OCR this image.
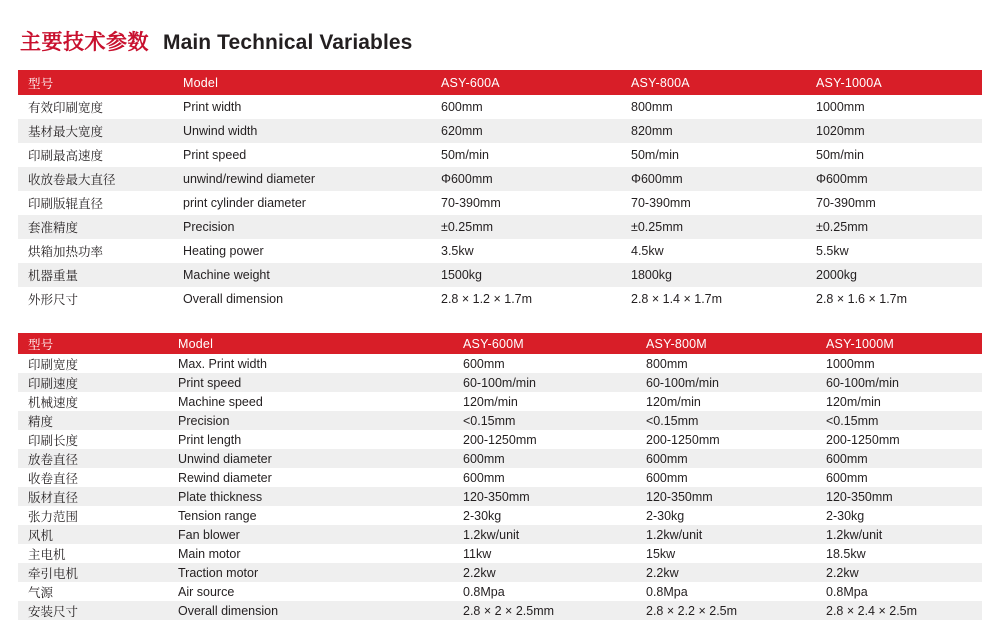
主要技术参数 Main Technical Variables
型号	Model	ASY-600A	ASY-800A	ASY-1000A
有效印刷宽度	Print width	600mm	800mm	1000mm
基材最大宽度	Unwind width	620mm	820mm	1020mm
印刷最高速度	Print speed	50m/min	50m/min	50m/min
收放卷最大直径	unwind/rewind diameter	Φ600mm	Φ600mm	Φ600mm
印刷版辊直径	print cylinder diameter	70-390mm	70-390mm	70-390mm
套准精度	Precision	±0.25mm	±0.25mm	±0.25mm
烘箱加热功率	Heating power	3.5kw	4.5kw	5.5kw
机器重量	Machine weight	1500kg	1800kg	2000kg
外形尺寸	Overall dimension	2.8 × 1.2 × 1.7m	2.8 × 1.4 × 1.7m	2.8 × 1.6 × 1.7m
型号	Model	ASY-600M	ASY-800M	ASY-1000M
印刷宽度	Max. Print width	600mm	800mm	1000mm
印刷速度	Print speed	60-100m/min	60-100m/min	60-100m/min
机械速度	Machine speed	120m/min	120m/min	120m/min
精度	Precision	<0.15mm	<0.15mm	<0.15mm
印刷长度	Print length	200-1250mm	200-1250mm	200-1250mm
放卷直径	Unwind diameter	600mm	600mm	600mm
收卷直径	Rewind diameter	600mm	600mm	600mm
版材直径	Plate thickness	120-350mm	120-350mm	120-350mm
张力范围	Tension range	2-30kg	2-30kg	2-30kg
风机	Fan blower	1.2kw/unit	1.2kw/unit	1.2kw/unit
主电机	Main motor	11kw	15kw	18.5kw
牵引电机	Traction motor	2.2kw	2.2kw	2.2kw
气源	Air source	0.8Mpa	0.8Mpa	0.8Mpa
安装尺寸	Overall dimension	2.8 × 2 × 2.5mm	2.8 × 2.2 × 2.5m	2.8 × 2.4 × 2.5m
